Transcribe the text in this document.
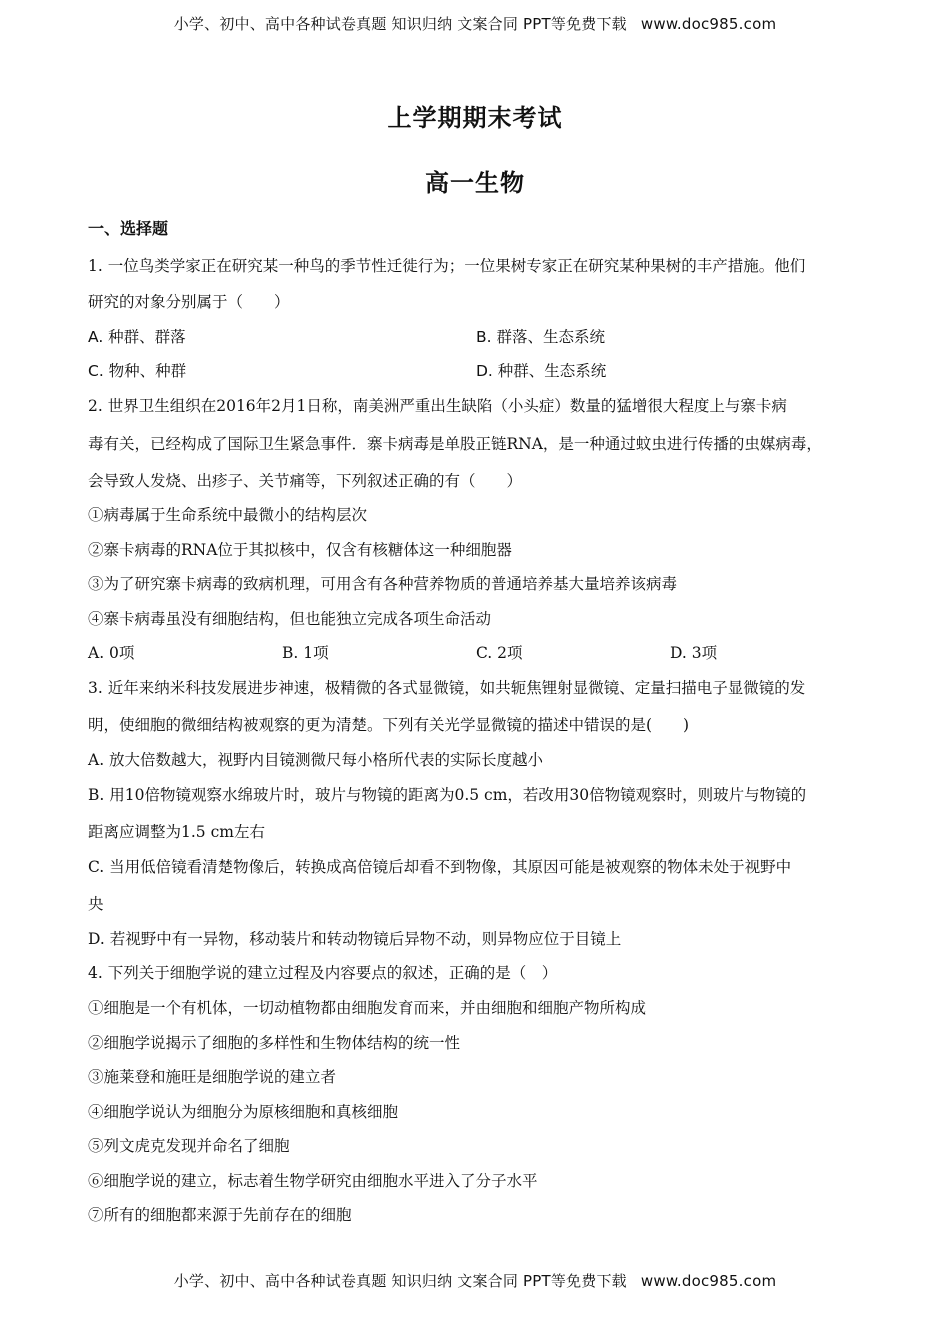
小学、初中、高中各种试卷真题 知识归纳 文案合同 PPT等免费下载 www.doc985.com
上学期期末考试
高一生物
一、选择题
1. 一位鸟类学家正在研究某一种鸟的季节性迁徙行为；一位果树专家正在研究某种果树的丰产措施。他们
研究的对象分别属于（　　）
A. 种群、群落	B. 群落、生态系统
C. 物种、种群	D. 种群、生态系统
2. 世界卫生组织在2016年2月1日称，南美洲严重出生缺陷（小头症）数量的猛增很大程度上与寨卡病
毒有关，已经构成了国际卫生紧急事件．寨卡病毒是单股正链RNA，是一种通过蚊虫进行传播的虫媒病毒，
会导致人发烧、出疹子、关节痛等，下列叙述正确的有（　　）
①病毒属于生命系统中最微小的结构层次
②寨卡病毒的RNA位于其拟核中，仅含有核糖体这一种细胞器
③为了研究寨卡病毒的致病机理，可用含有各种营养物质的普通培养基大量培养该病毒
④寨卡病毒虽没有细胞结构，但也能独立完成各项生命活动
A. 0项	B. 1项	C. 2项	D. 3项
3. 近年来纳米科技发展进步神速，极精微的各式显微镜，如共轭焦锂射显微镜、定量扫描电子显微镜的发
明，使细胞的微细结构被观察的更为清楚。下列有关光学显微镜的描述中错误的是(　　)
A. 放大倍数越大，视野内目镜测微尺每小格所代表的实际长度越小
B. 用10倍物镜观察水绵玻片时，玻片与物镜的距离为0.5 cm，若改用30倍物镜观察时，则玻片与物镜的
距离应调整为1.5 cm左右
C. 当用低倍镜看清楚物像后，转换成高倍镜后却看不到物像，其原因可能是被观察的物体未处于视野中
央
D. 若视野中有一异物，移动装片和转动物镜后异物不动，则异物应位于目镜上
4. 下列关于细胞学说的建立过程及内容要点的叙述，正确的是（　）
①细胞是一个有机体，一切动植物都由细胞发育而来，并由细胞和细胞产物所构成
②细胞学说揭示了细胞的多样性和生物体结构的统一性
③施莱登和施旺是细胞学说的建立者
④细胞学说认为细胞分为原核细胞和真核细胞
⑤列文虎克发现并命名了细胞
⑥细胞学说的建立，标志着生物学研究由细胞水平进入了分子水平
⑦所有的细胞都来源于先前存在的细胞
小学、初中、高中各种试卷真题 知识归纳 文案合同 PPT等免费下载 www.doc985.com
